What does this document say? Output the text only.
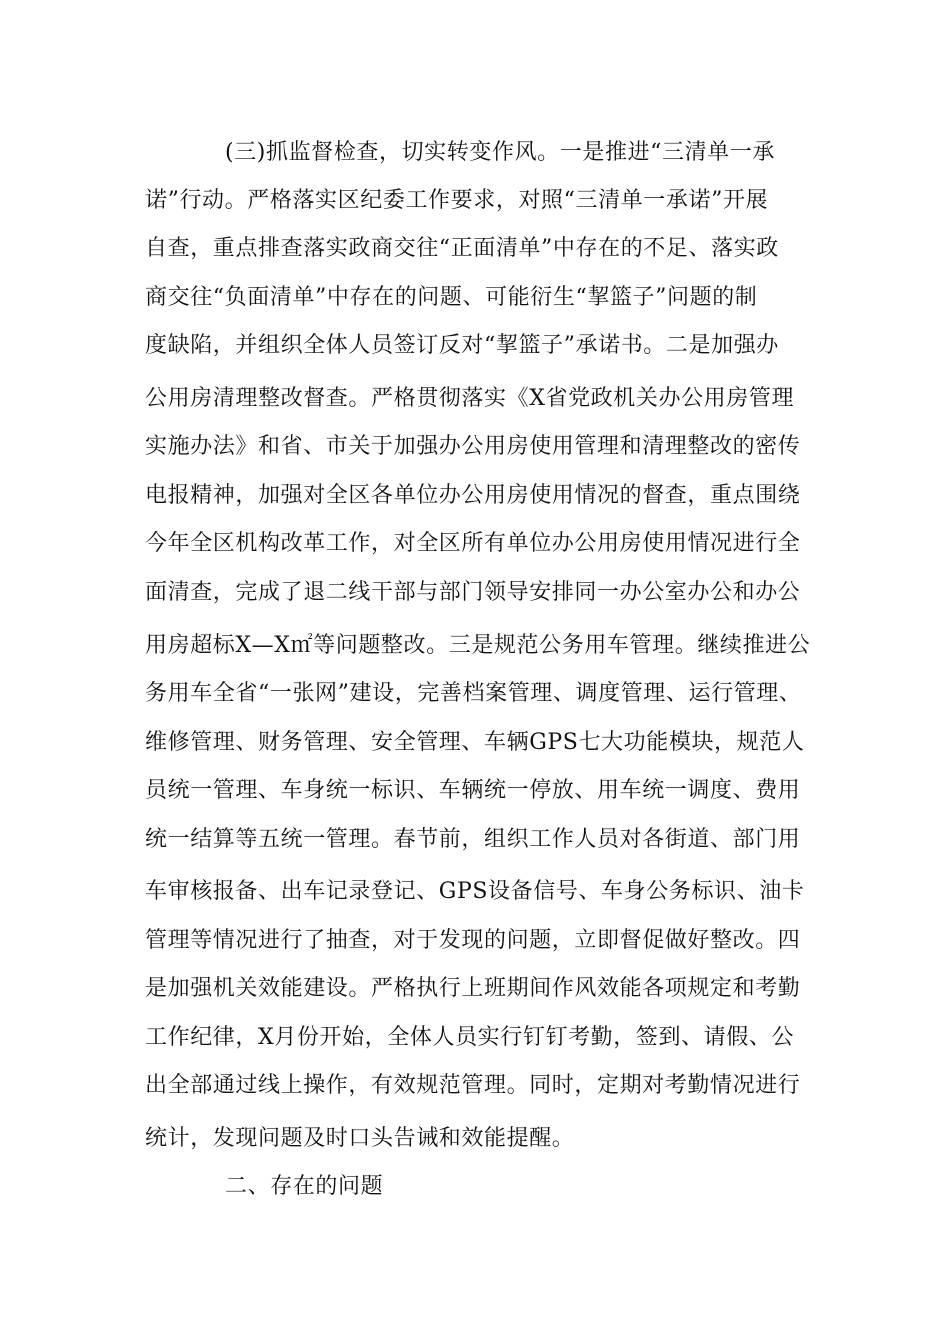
(三)抓监督检查，切实转变作风。一是推进“三清单一承
诺”行动。严格落实区纪委工作要求，对照“三清单一承诺”开展
自查，重点排查落实政商交往“正面清单”中存在的不足、落实政
商交往“负面清单”中存在的问题、可能衍生“挈篮子”问题的制
度缺陷，并组织全体人员签订反对“挈篮子”承诺书。二是加强办
公用房清理整改督查。严格贯彻落实《X省党政机关办公用房管理
实施办法》和省、市关于加强办公用房使用管理和清理整改的密传
电报精神，加强对全区各单位办公用房使用情况的督查，重点围绕
今年全区机构改革工作，对全区所有单位办公用房使用情况进行全
面清查，完成了退二线干部与部门领导安排同一办公室办公和办公
用房超标X—X㎡等问题整改。三是规范公务用车管理。继续推进公
务用车全省“一张网”建设，完善档案管理、调度管理、运行管理、
维修管理、财务管理、安全管理、车辆GPS七大功能模块，规范人
员统一管理、车身统一标识、车辆统一停放、用车统一调度、费用
统一结算等五统一管理。春节前，组织工作人员对各街道、部门用
车审核报备、出车记录登记、GPS设备信号、车身公务标识、油卡
管理等情况进行了抽查，对于发现的问题，立即督促做好整改。四
是加强机关效能建设。严格执行上班期间作风效能各项规定和考勤
工作纪律，X月份开始，全体人员实行钉钉考勤，签到、请假、公
出全部通过线上操作，有效规范管理。同时，定期对考勤情况进行
统计，发现问题及时口头告诫和效能提醒。
二、存在的问题
